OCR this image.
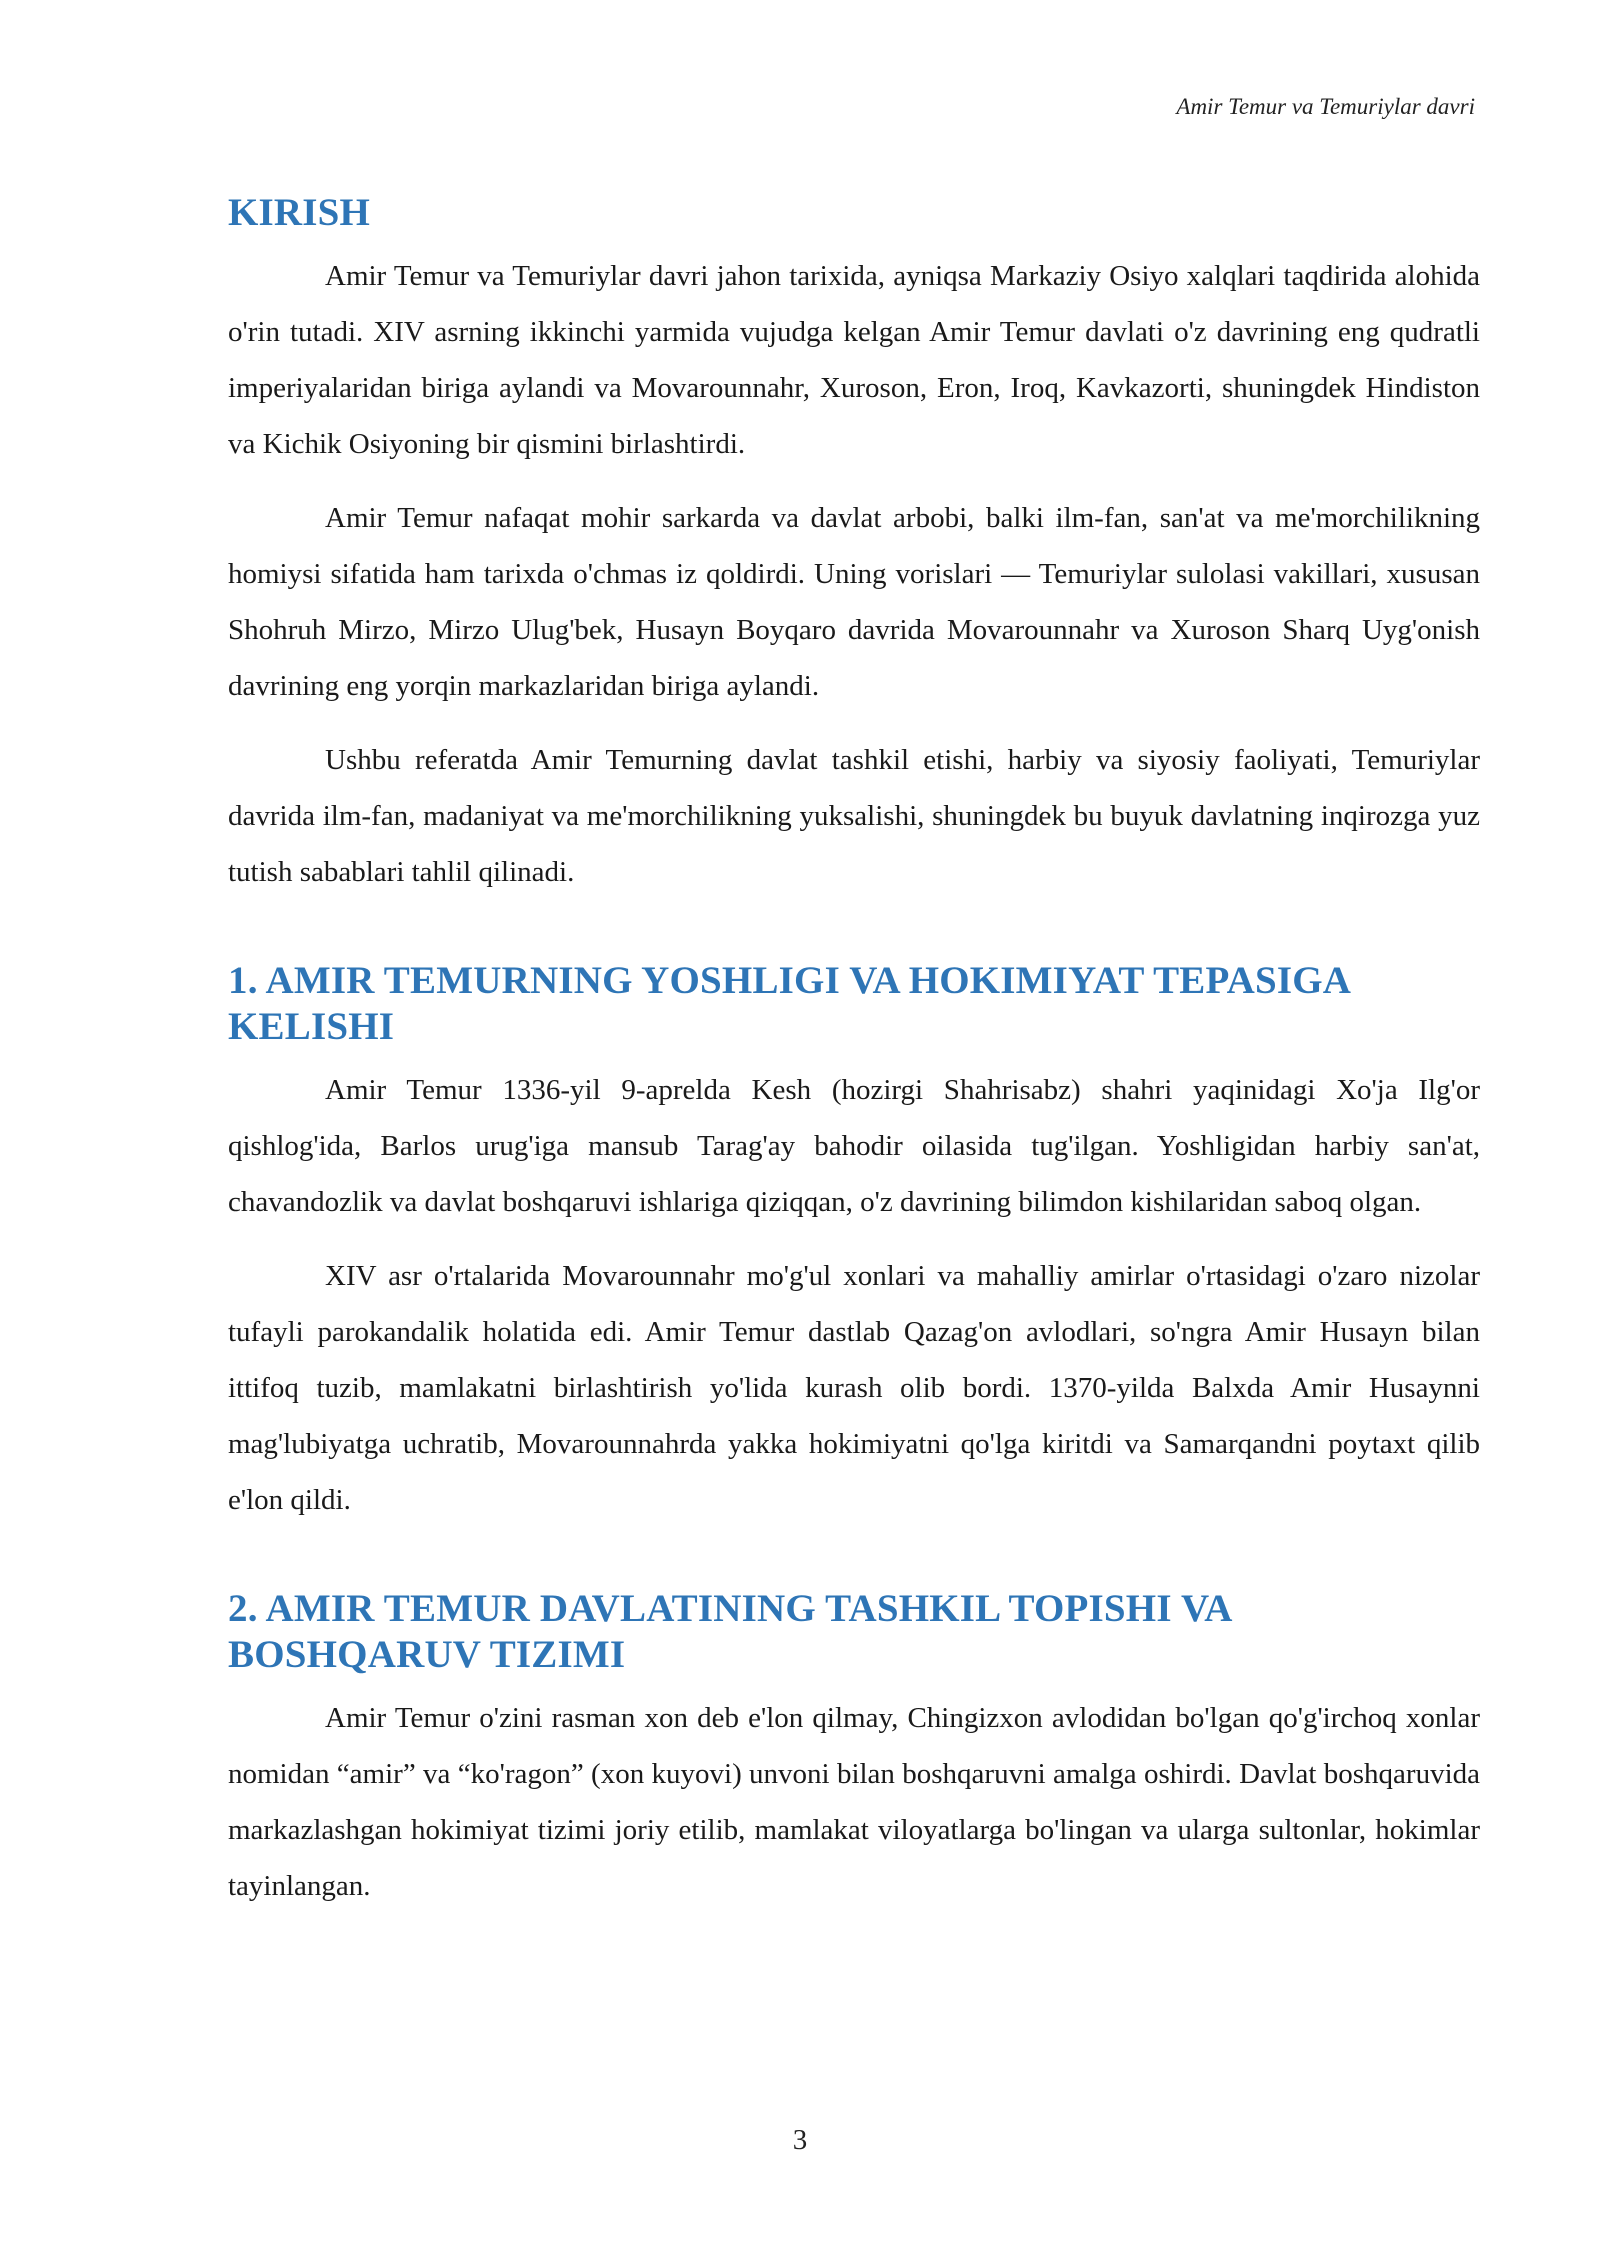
Amir Temur va Temuriylar davri
KIRISH

Amir Temur va Temuriylar davri jahon tarixida, ayniqsa Markaziy Osiyo xalqlari taqdirida alohida o'rin tutadi. XIV asrning ikkinchi yarmida vujudga kelgan Amir Temur davlati o'z davrining eng qudratli imperiyalaridan biriga aylandi va Movarounnahr, Xuroson, Eron, Iroq, Kavkazorti, shuningdek Hindiston va Kichik Osiyoning bir qismini birlashtirdi.

Amir Temur nafaqat mohir sarkarda va davlat arbobi, balki ilm-fan, san'at va me'morchilikning homiysi sifatida ham tarixda o'chmas iz qoldirdi. Uning vorislari — Temuriylar sulolasi vakillari, xususan Shohruh Mirzo, Mirzo Ulug'bek, Husayn Boyqaro davrida Movarounnahr va Xuroson Sharq Uyg'onish davrining eng yorqin markazlaridan biriga aylandi.

Ushbu referatda Amir Temurning davlat tashkil etishi, harbiy va siyosiy faoliyati, Temuriylar davrida ilm-fan, madaniyat va me'morchilikning yuksalishi, shuningdek bu buyuk davlatning inqirozga yuz tutish sabablari tahlil qilinadi.

1. AMIR TEMURNING YOSHLIGI VA HOKIMIYAT TEPASIGA KELISHI

Amir Temur 1336-yil 9-aprelda Kesh (hozirgi Shahrisabz) shahri yaqinidagi Xo'ja Ilg'or qishlog'ida, Barlos urug'iga mansub Tarag'ay bahodir oilasida tug'ilgan. Yoshligidan harbiy san'at, chavandozlik va davlat boshqaruvi ishlariga qiziqqan, o'z davrining bilimdon kishilaridan saboq olgan.

XIV asr o'rtalarida Movarounnahr mo'g'ul xonlari va mahalliy amirlar o'rtasidagi o'zaro nizolar tufayli parokandalik holatida edi. Amir Temur dastlab Qazag'on avlodlari, so'ngra Amir Husayn bilan ittifoq tuzib, mamlakatni birlashtirish yo'lida kurash olib bordi. 1370-yilda Balxda Amir Husaynni mag'lubiyatga uchratib, Movarounnahrda yakka hokimiyatni qo'lga kiritdi va Samarqandni poytaxt qilib e'lon qildi.

2. AMIR TEMUR DAVLATINING TASHKIL TOPISHI VA BOSHQARUV TIZIMI

Amir Temur o'zini rasman xon deb e'lon qilmay, Chingizxon avlodidan bo'lgan qo'g'irchoq xonlar nomidan “amir” va “ko'ragon” (xon kuyovi) unvoni bilan boshqaruvni amalga oshirdi. Davlat boshqaruvida markazlashgan hokimiyat tizimi joriy etilib, mamlakat viloyatlarga bo'lingan va ularga sultonlar, hokimlar tayinlangan.

3
